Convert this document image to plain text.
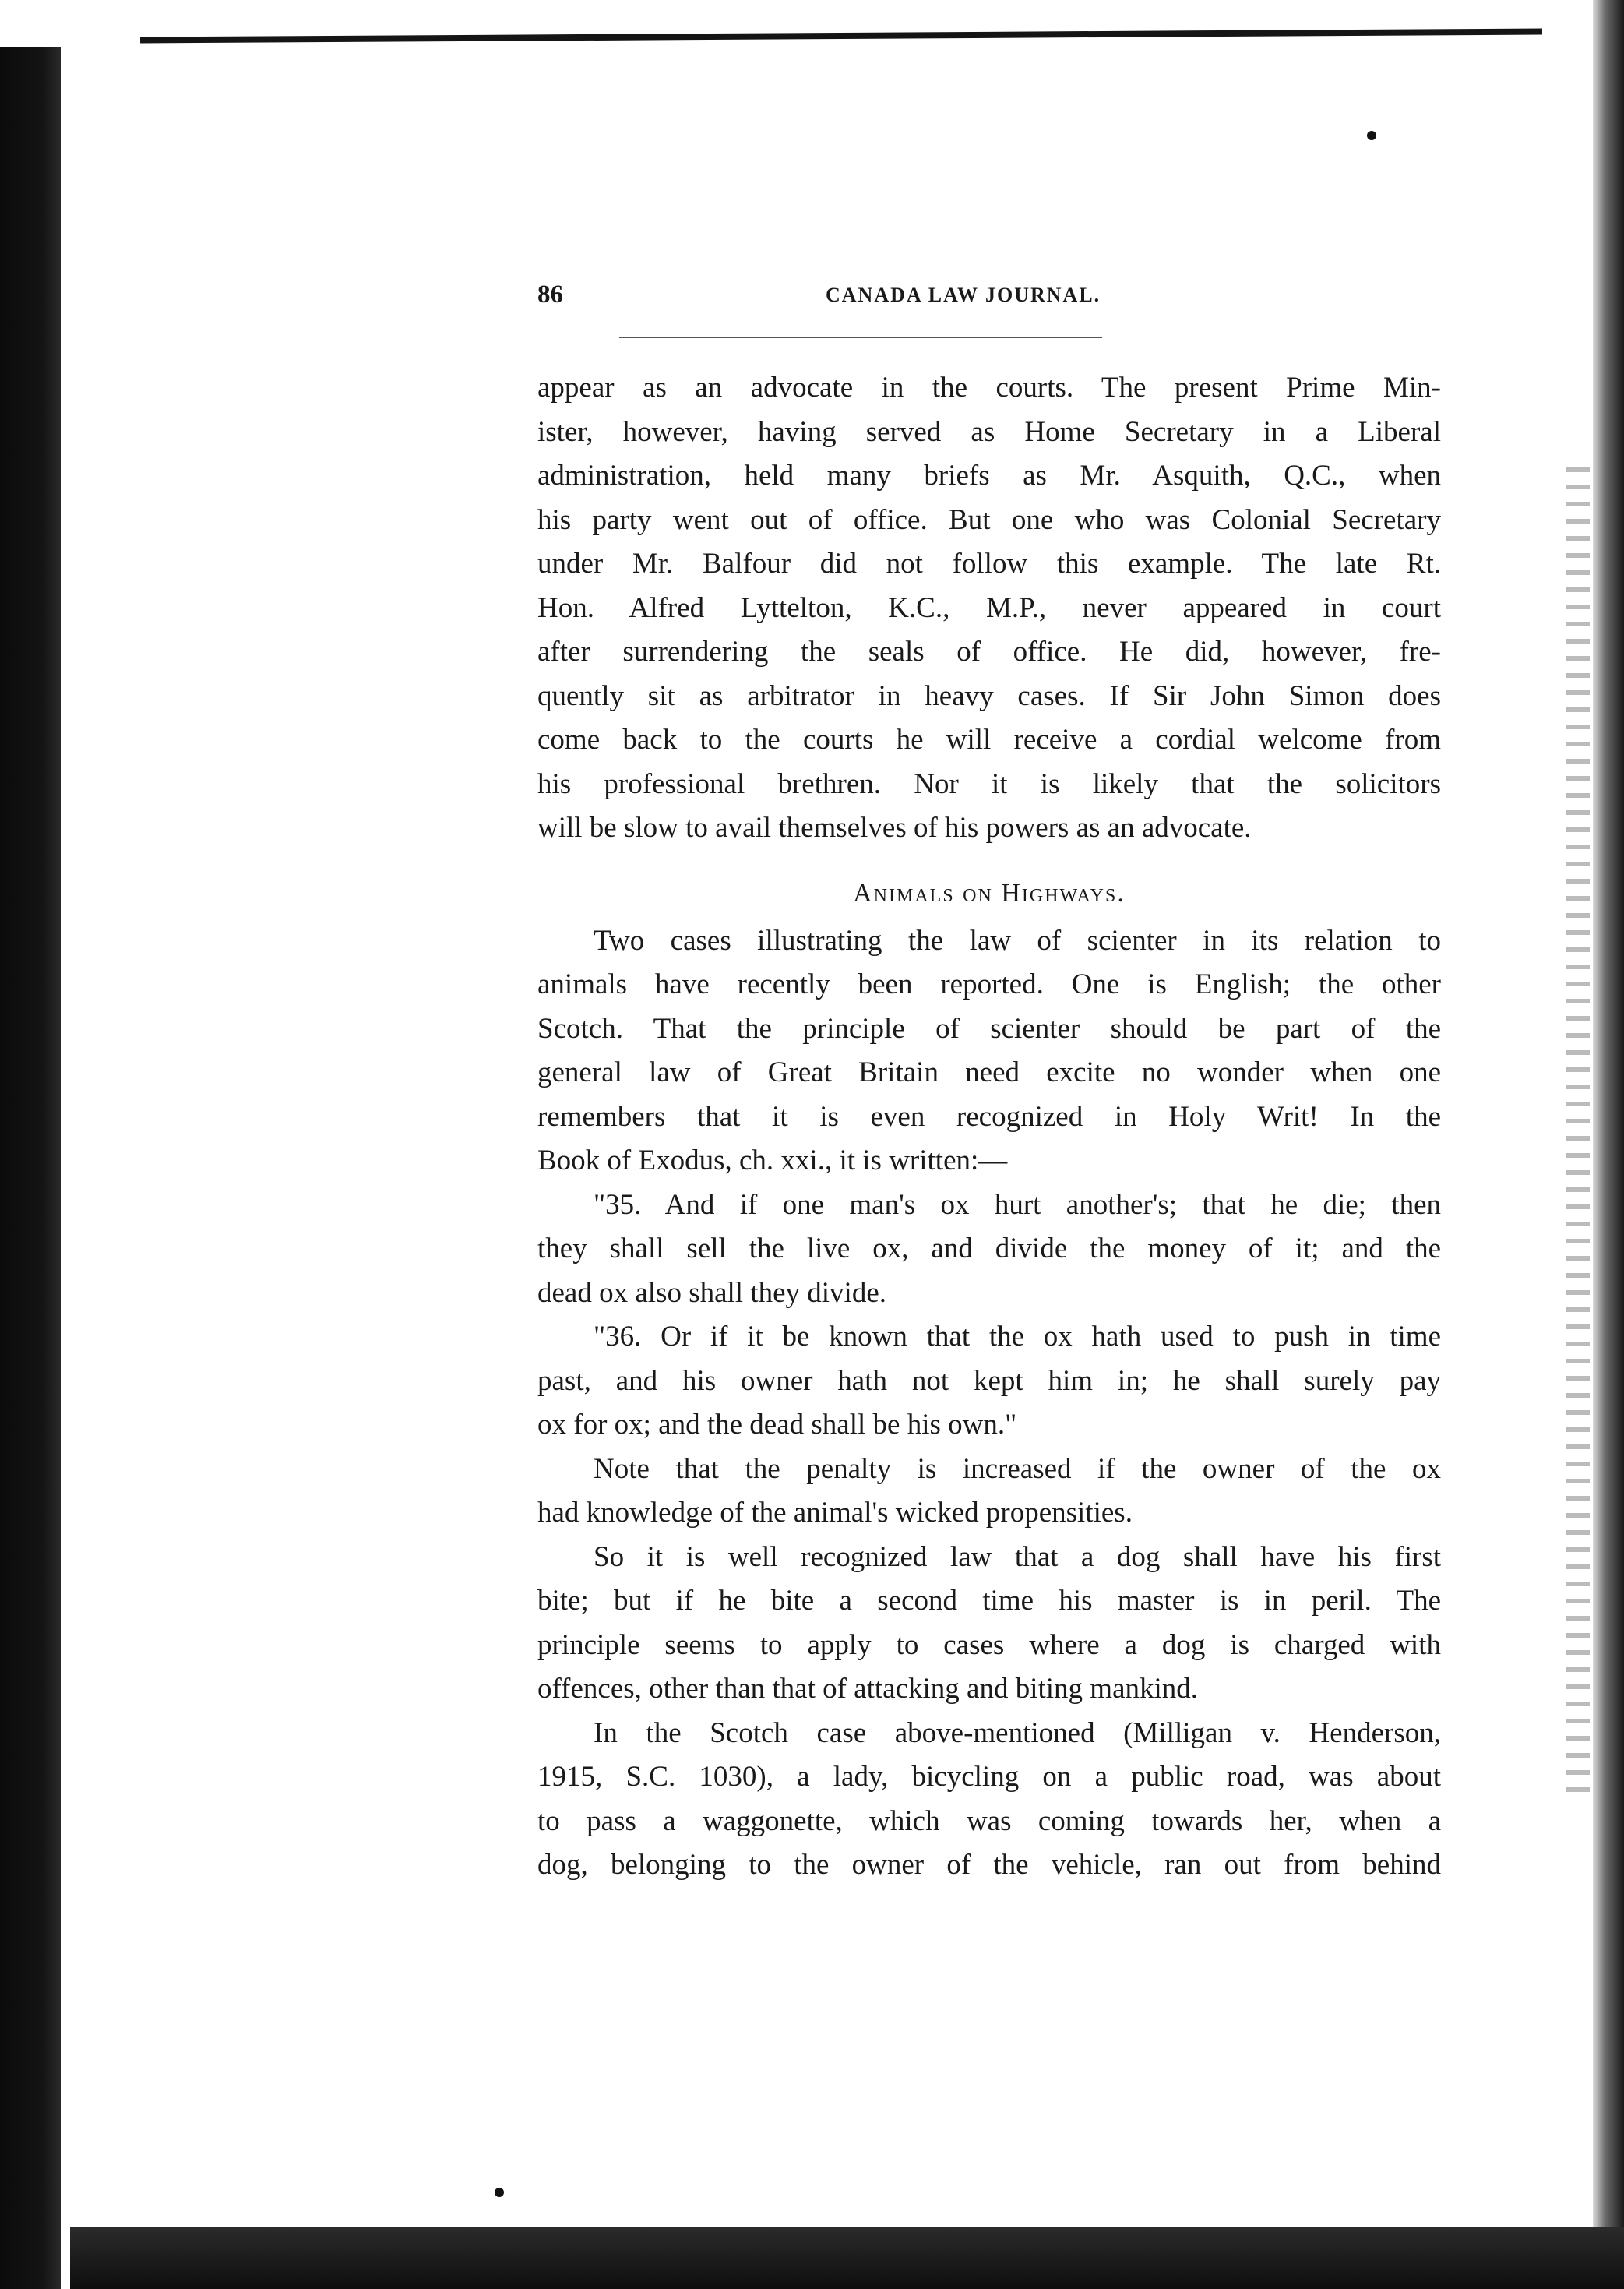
86	CANADA LAW JOURNAL.
appear as an advocate in the courts. The present Prime Min-
ister, however, having served as Home Secretary in a Liberal
administration, held many briefs as Mr. Asquith, Q.C., when
his party went out of office. But one who was Colonial Secretary
under Mr. Balfour did not follow this example. The late Rt.
Hon. Alfred Lyttelton, K.C., M.P., never appeared in court
after surrendering the seals of office. He did, however, fre-
quently sit as arbitrator in heavy cases. If Sir John Simon does
come back to the courts he will receive a cordial welcome from
his professional brethren. Nor it is likely that the solicitors
will be slow to avail themselves of his powers as an advocate.
Animals on Highways.
Two cases illustrating the law of scienter in its relation to
animals have recently been reported. One is English; the other
Scotch. That the principle of scienter should be part of the
general law of Great Britain need excite no wonder when one
remembers that it is even recognized in Holy Writ! In the
Book of Exodus, ch. xxi., it is written:—
"35. And if one man's ox hurt another's; that he die; then
they shall sell the live ox, and divide the money of it; and the
dead ox also shall they divide.
"36. Or if it be known that the ox hath used to push in time
past, and his owner hath not kept him in; he shall surely pay
ox for ox; and the dead shall be his own."
Note that the penalty is increased if the owner of the ox
had knowledge of the animal's wicked propensities.
So it is well recognized law that a dog shall have his first
bite; but if he bite a second time his master is in peril. The
principle seems to apply to cases where a dog is charged with
offences, other than that of attacking and biting mankind.
In the Scotch case above-mentioned (Milligan v. Henderson,
1915, S.C. 1030), a lady, bicycling on a public road, was about
to pass a waggonette, which was coming towards her, when a
dog, belonging to the owner of the vehicle, ran out from behind
